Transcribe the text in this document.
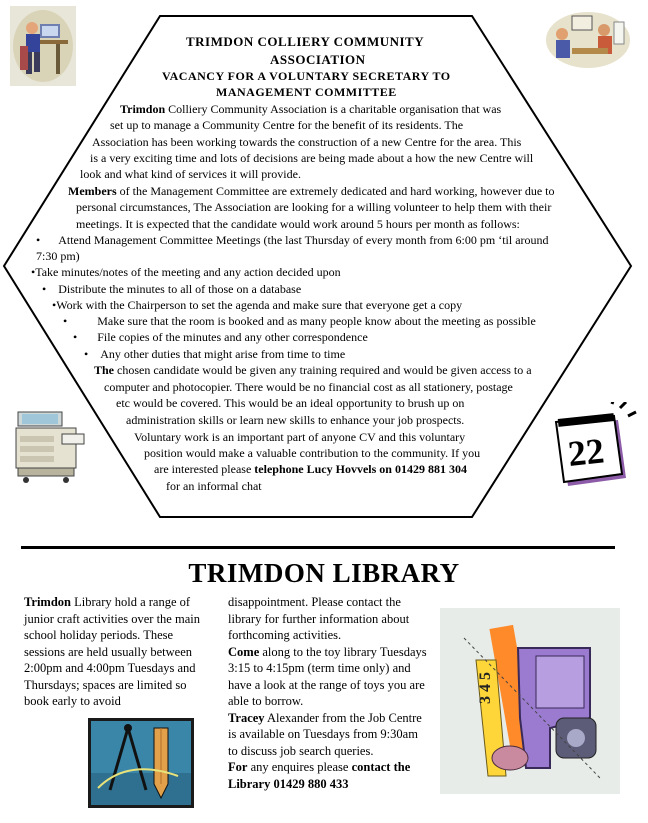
22
TRIMDON COLLIERY COMMUNITY
ASSOCIATION
VACANCY FOR A VOLUNTARY SECRETARY TO
MANAGEMENT COMMITTEE
Trimdon Colliery Community Association is a charitable organisation that was
set up to manage a Community Centre for the benefit of its residents. The
Association has been working towards the construction of a new Centre for the area. This
is a very exciting time and lots of decisions are being made about a how the new Centre will
look and what kind of services it will provide.
Members of the Management Committee are extremely dedicated and hard working, however due to
personal circumstances, The Association are looking for a willing volunteer to help them with their
meetings. It is expected that the candidate would work around 5 hours per month as follows:
• Attend Management Committee Meetings (the last Thursday of every month from 6:00 pm ‘til around
7:30 pm)
•Take minutes/notes of the meeting and any action decided upon
• Distribute the minutes to all of those on a database
•Work with the Chairperson to set the agenda and make sure that everyone get a copy
•	Make sure that the room is booked and as many people know about the meeting as possible
• File copies of the minutes and any other correspondence
• Any other duties that might arise from time to time
The chosen candidate would be given any training required and would be given access to a
computer and photocopier. There would be no financial cost as all stationery, postage
etc would be covered. This would be an ideal opportunity to brush up on
administration skills or learn new skills to enhance your job prospects.
Voluntary work is an important part of anyone CV and this voluntary
position would make a valuable contribution to the community. If you
are interested please telephone Lucy Hovvels on 01429 881 304
for an informal chat
TRIMDON LIBRARY

Trimdon Library hold a range of junior craft activities over the main school holiday periods. These sessions are held usually between 2:00pm and 4:00pm Tuesdays and Thursdays; spaces are limited so book early to avoid

disappointment. Please contact the library for further information about forthcoming activities.

Come along to the toy library Tuesdays 3:15 to 4:15pm (term time only) and have a look at the range of toys you are able to borrow.

Tracey Alexander from the Job Centre is available on Tuesdays from 9:30am to discuss job search queries.

For any enquires please contact the Library 01429 880 433

3 4 5
